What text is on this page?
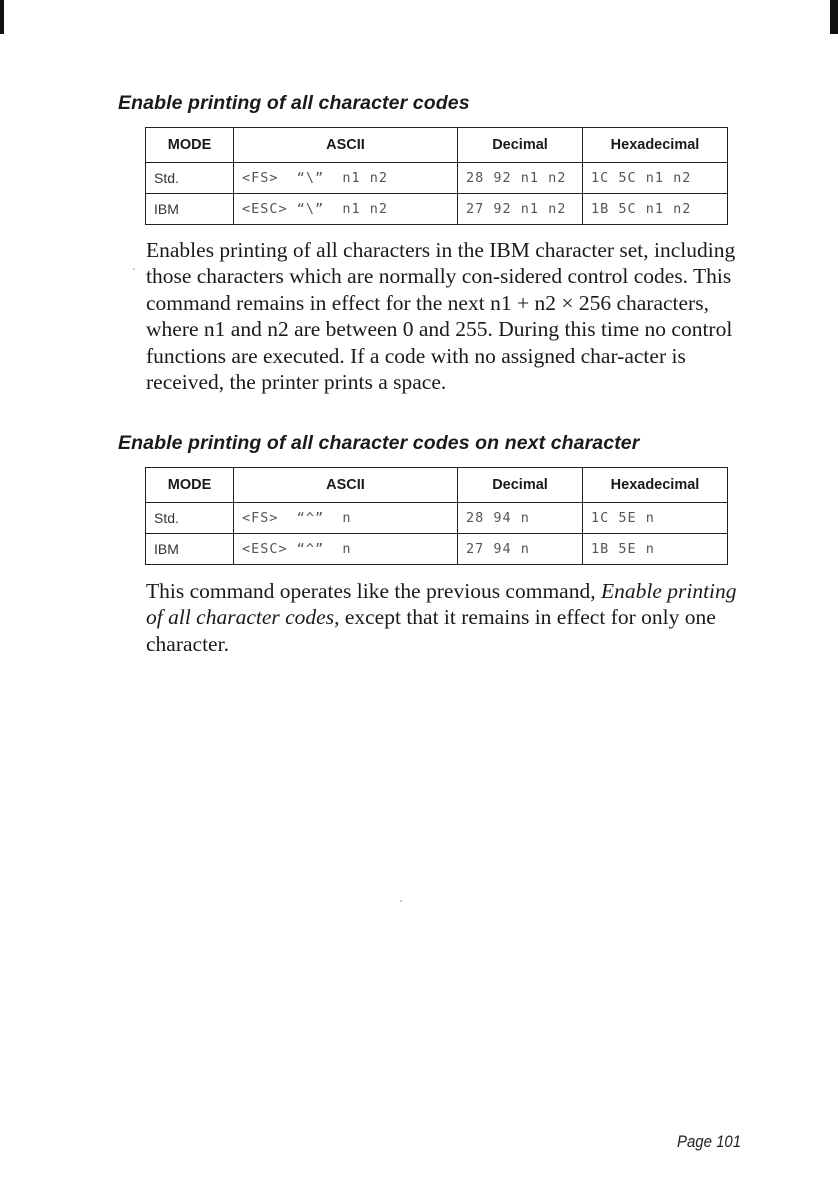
Enable printing of all character codes
MODE	ASCII	Decimal	Hexadecimal
Std.	<FS>  “\”  n1 n2	28 92 n1 n2	1C 5C n1 n2
IBM	<ESC> “\”  n1 n2	27 92 n1 n2	1B 5C n1 n2

Enables printing of all characters in the IBM character set, including those characters which are normally con-sidered control codes. This command remains in effect for the next n1 + n2 × 256 characters, where n1 and n2 are between 0 and 255. During this time no control functions are executed. If a code with no assigned char-acter is received, the printer prints a space.

Enable printing of all character codes on next character
MODE	ASCII	Decimal	Hexadecimal
Std.	<FS>  “^”  n	28 94 n	1C 5E n
IBM	<ESC> “^”  n	27 94 n	1B 5E n

This command operates like the previous command, Enable printing of all character codes, except that it remains in effect for only one character.

Page 101
